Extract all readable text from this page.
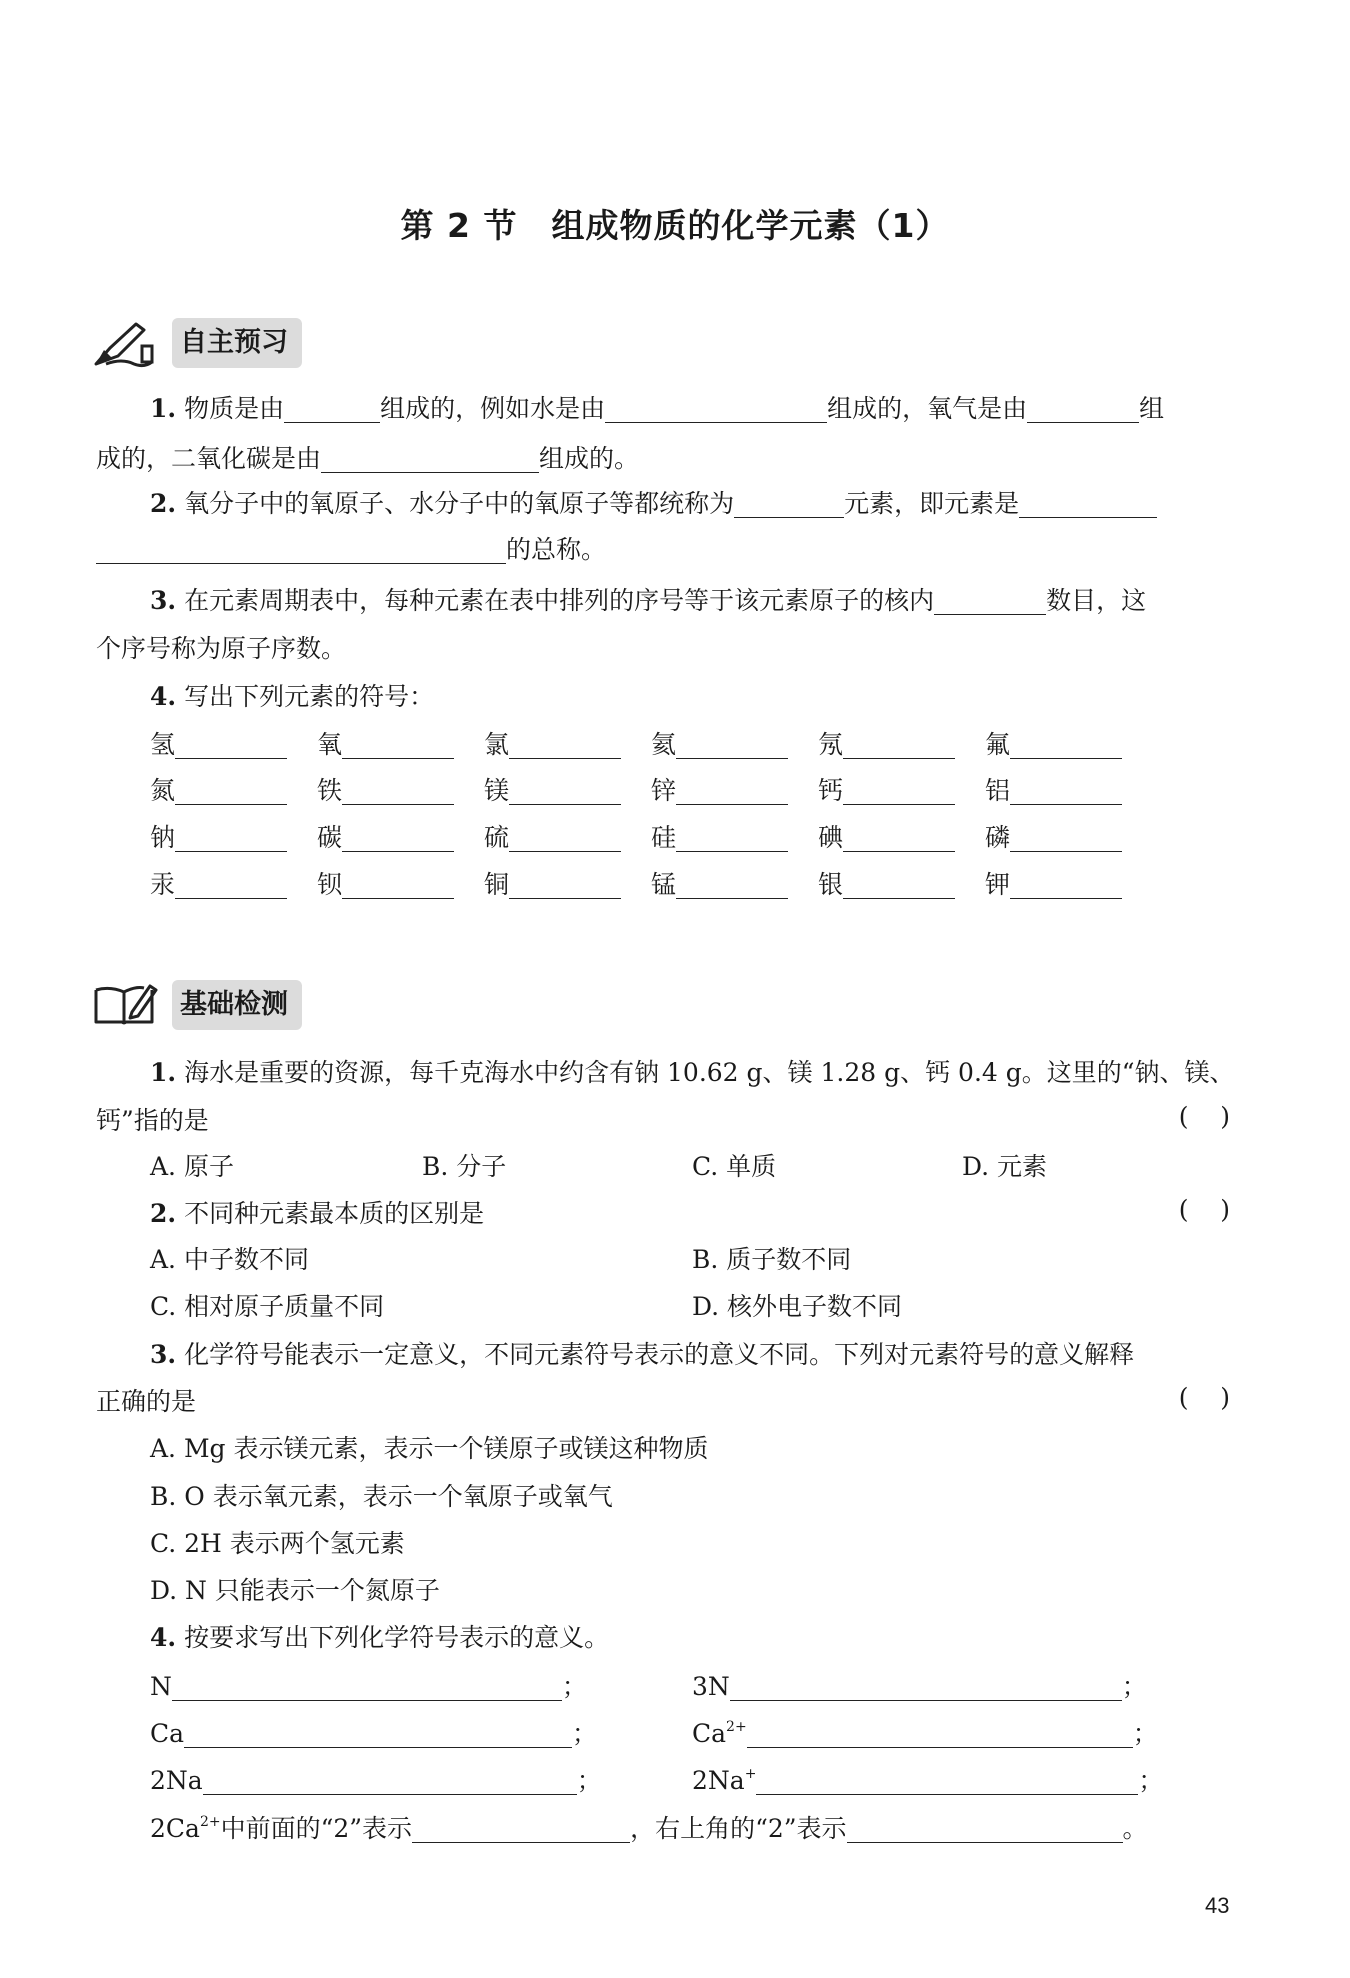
第 2 节 组成物质的化学元素（1）
自主预习
1. 物质是由	组成的，例如水是由	组成的，氧气是由	组
成的，二氧化碳是由	组成的。
2. 氧分子中的氧原子、水分子中的氧原子等都统称为	元素，即元素是
的总称。
3. 在元素周期表中，每种元素在表中排列的序号等于该元素原子的核内	数目，这
个序号称为原子序数。
4. 写出下列元素的符号：
氢	氧	氯	氦	氖	氟
氮	铁	镁	锌	钙	铝
钠	碳	硫	硅	碘	磷
汞	钡	铜	锰	银	钾
基础检测
1. 海水是重要的资源，每千克海水中约含有钠 10.62 g、镁 1.28 g、钙 0.4 g。这里的“钠、镁、
钙”指的是	(    )
A. 原子	B. 分子	C. 单质	D. 元素
2. 不同种元素最本质的区别是	(    )
A. 中子数不同	B. 质子数不同
C. 相对原子质量不同	D. 核外电子数不同
3. 化学符号能表示一定意义，不同元素符号表示的意义不同。下列对元素符号的意义解释
正确的是	(    )
A. Mg 表示镁元素，表示一个镁原子或镁这种物质
B. O 表示氧元素，表示一个氧原子或氧气
C. 2H 表示两个氢元素
D. N 只能表示一个氮原子
4. 按要求写出下列化学符号表示的意义。
N	；	3N	；
Ca	；	$Ca^{2+}$	；
2Na	；	2Na+	；
$2Ca^{2+}$中前面的“2”表示	，右上角的“2”表示	。
43
